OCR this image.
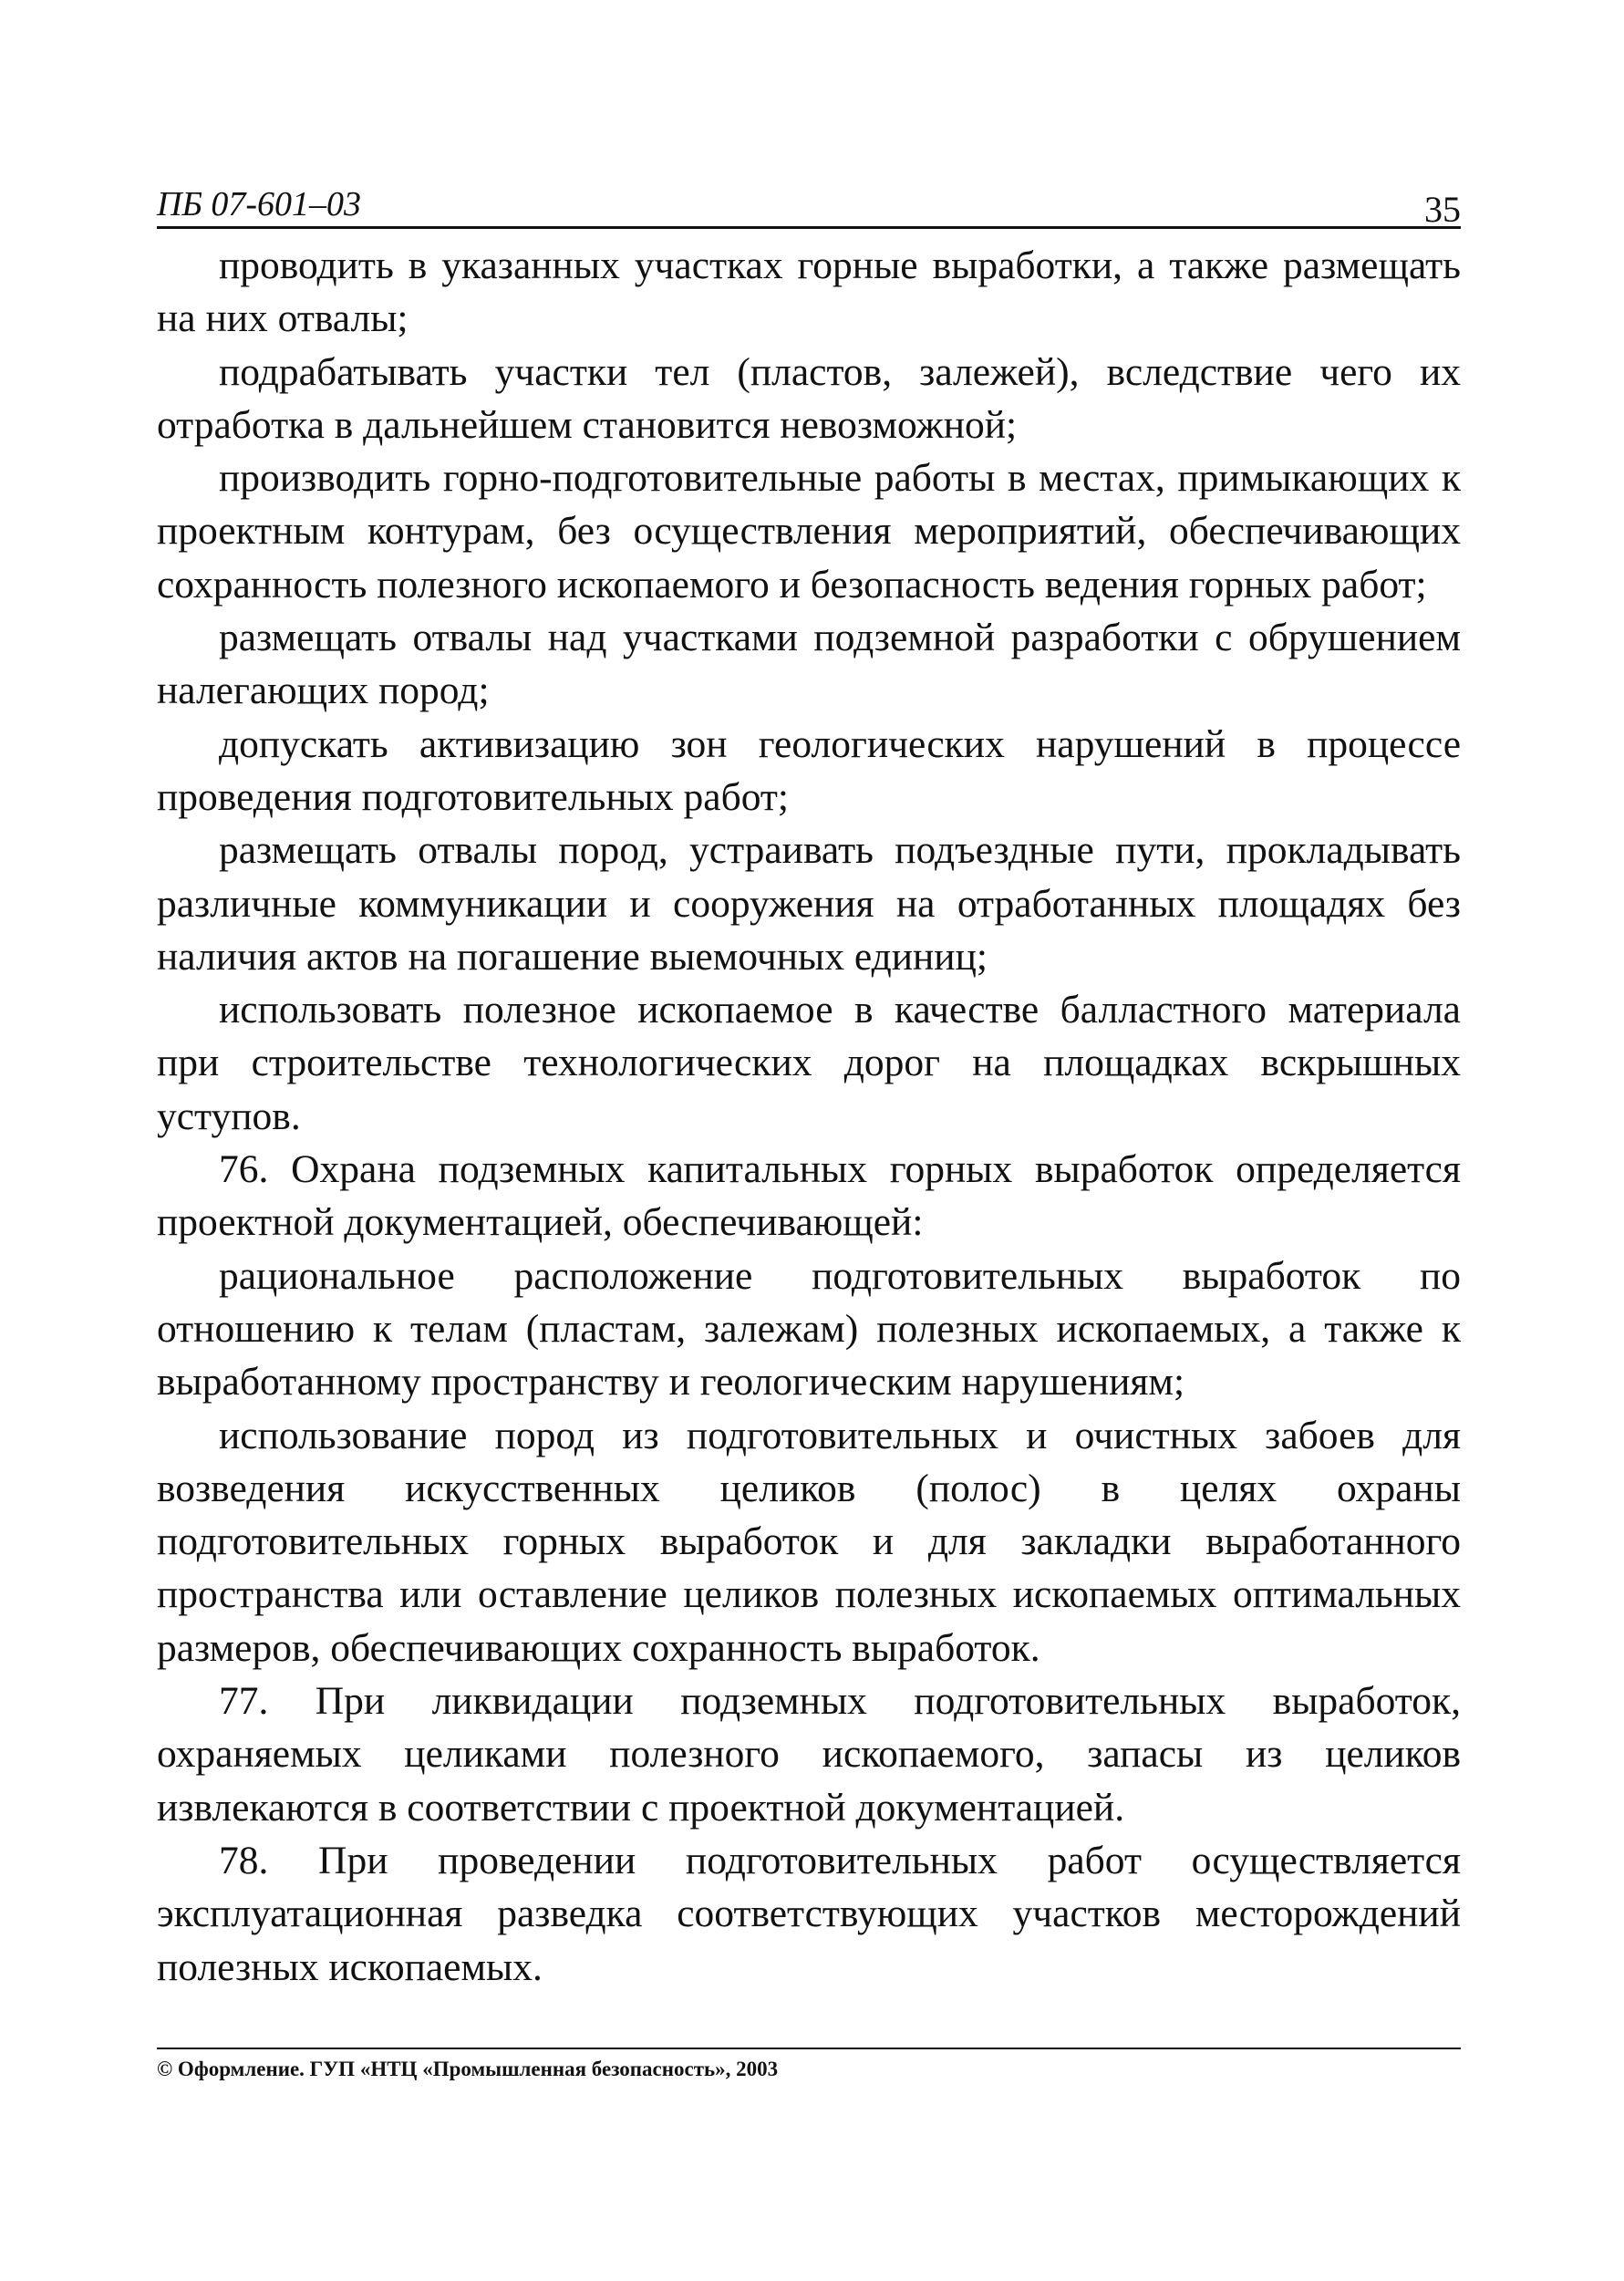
ПБ 07-601–03	35

проводить в указанных участках горные выработки, а также размещать на них отвалы;

подрабатывать участки тел (пластов, залежей), вследствие чего их отработка в дальнейшем становится невозможной;

производить горно-подготовительные работы в местах, примыкающих к проектным контурам, без осуществления мероприятий, обеспечивающих сохранность полезного ископаемого и безопасность ведения горных работ;

размещать отвалы над участками подземной разработки с обрушением налегающих пород;

допускать активизацию зон геологических нарушений в процессе проведения подготовительных работ;

размещать отвалы пород, устраивать подъездные пути, прокладывать различные коммуникации и сооружения на отработанных площадях без наличия актов на погашение выемочных единиц;

использовать полезное ископаемое в качестве балластного материала при строительстве технологических дорог на площадках вскрышных уступов.

76. Охрана подземных капитальных горных выработок определяется проектной документацией, обеспечивающей:

рациональное расположение подготовительных выработок по отношению к телам (пластам, залежам) полезных ископаемых, а также к выработанному пространству и геологическим нарушениям;

использование пород из подготовительных и очистных забоев для возведения искусственных целиков (полос) в целях охраны подготовительных горных выработок и для закладки выработанного пространства или оставление целиков полезных ископаемых оптимальных размеров, обеспечивающих сохранность выработок.

77. При ликвидации подземных подготовительных выработок, охраняемых целиками полезного ископаемого, запасы из целиков извлекаются в соответствии с проектной документацией.

78. При проведении подготовительных работ осуществляется эксплуатационная разведка соответствующих участков месторождений полезных ископаемых.

© Оформление. ГУП «НТЦ «Промышленная безопасность», 2003
